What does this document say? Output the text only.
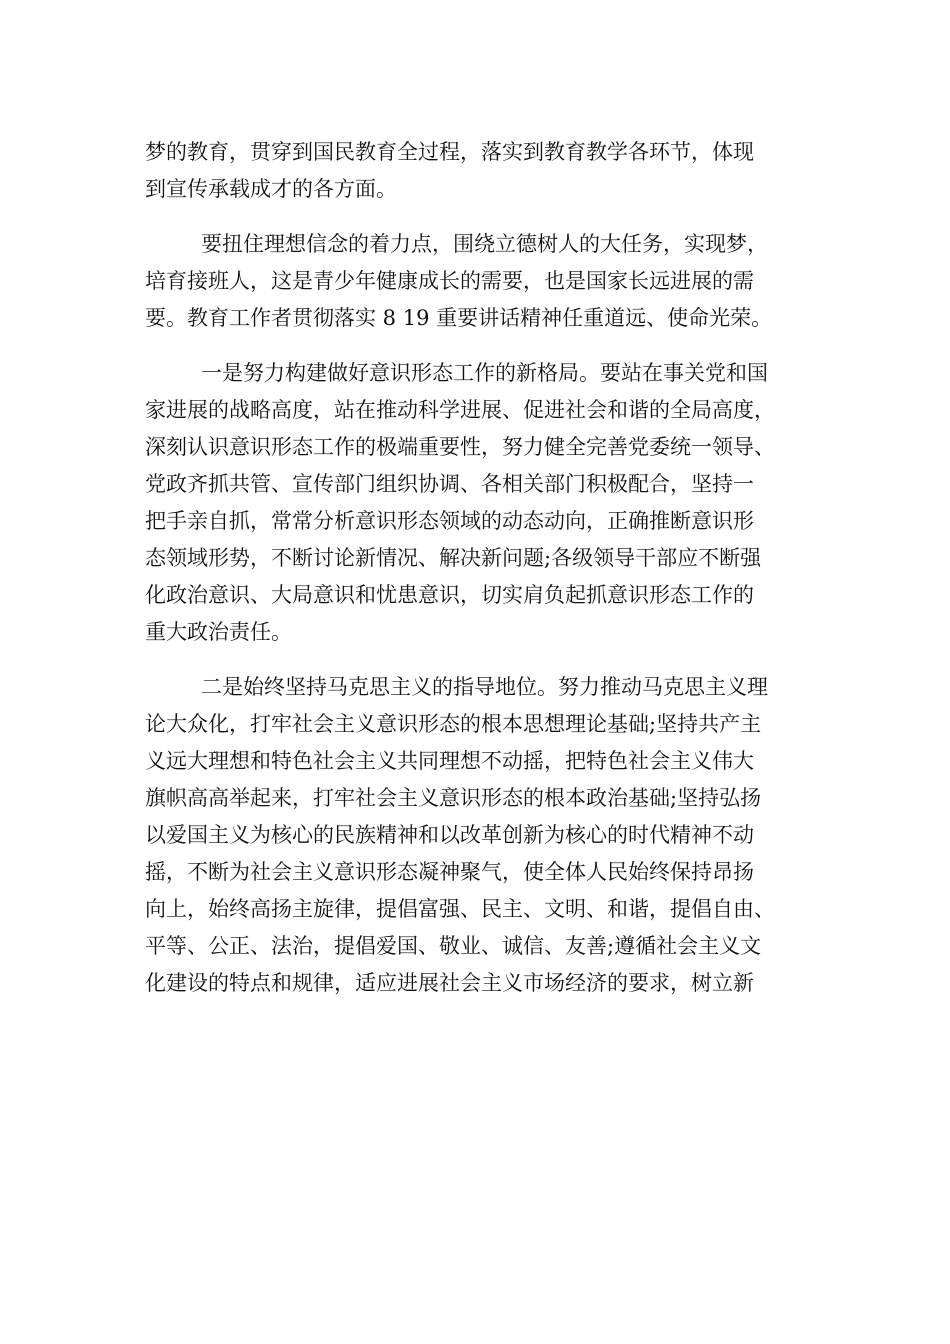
梦的教育，贯穿到国民教育全过程，落实到教育教学各环节，体现
到宣传承载成才的各方面。
要扭住理想信念的着力点，围绕立德树人的大任务，实现梦，
培育接班人，这是青少年健康成长的需要，也是国家长远进展的需
要。教育工作者贯彻落实 8 19 重要讲话精神任重道远、使命光荣。
一是努力构建做好意识形态工作的新格局。要站在事关党和国
家进展的战略高度，站在推动科学进展、促进社会和谐的全局高度，
深刻认识意识形态工作的极端重要性，努力健全完善党委统一领导、
党政齐抓共管、宣传部门组织协调、各相关部门积极配合，坚持一
把手亲自抓，常常分析意识形态领域的动态动向，正确推断意识形
态领域形势，不断讨论新情况、解决新问题;各级领导干部应不断强
化政治意识、大局意识和忧患意识，切实肩负起抓意识形态工作的
重大政治责任。
二是始终坚持马克思主义的指导地位。努力推动马克思主义理
论大众化，打牢社会主义意识形态的根本思想理论基础;坚持共产主
义远大理想和特色社会主义共同理想不动摇，把特色社会主义伟大
旗帜高高举起来，打牢社会主义意识形态的根本政治基础;坚持弘扬
以爱国主义为核心的民族精神和以改革创新为核心的时代精神不动
摇，不断为社会主义意识形态凝神聚气，使全体人民始终保持昂扬
向上，始终高扬主旋律，提倡富强、民主、文明、和谐，提倡自由、
平等、公正、法治，提倡爱国、敬业、诚信、友善;遵循社会主义文
化建设的特点和规律，适应进展社会主义市场经济的要求，树立新
